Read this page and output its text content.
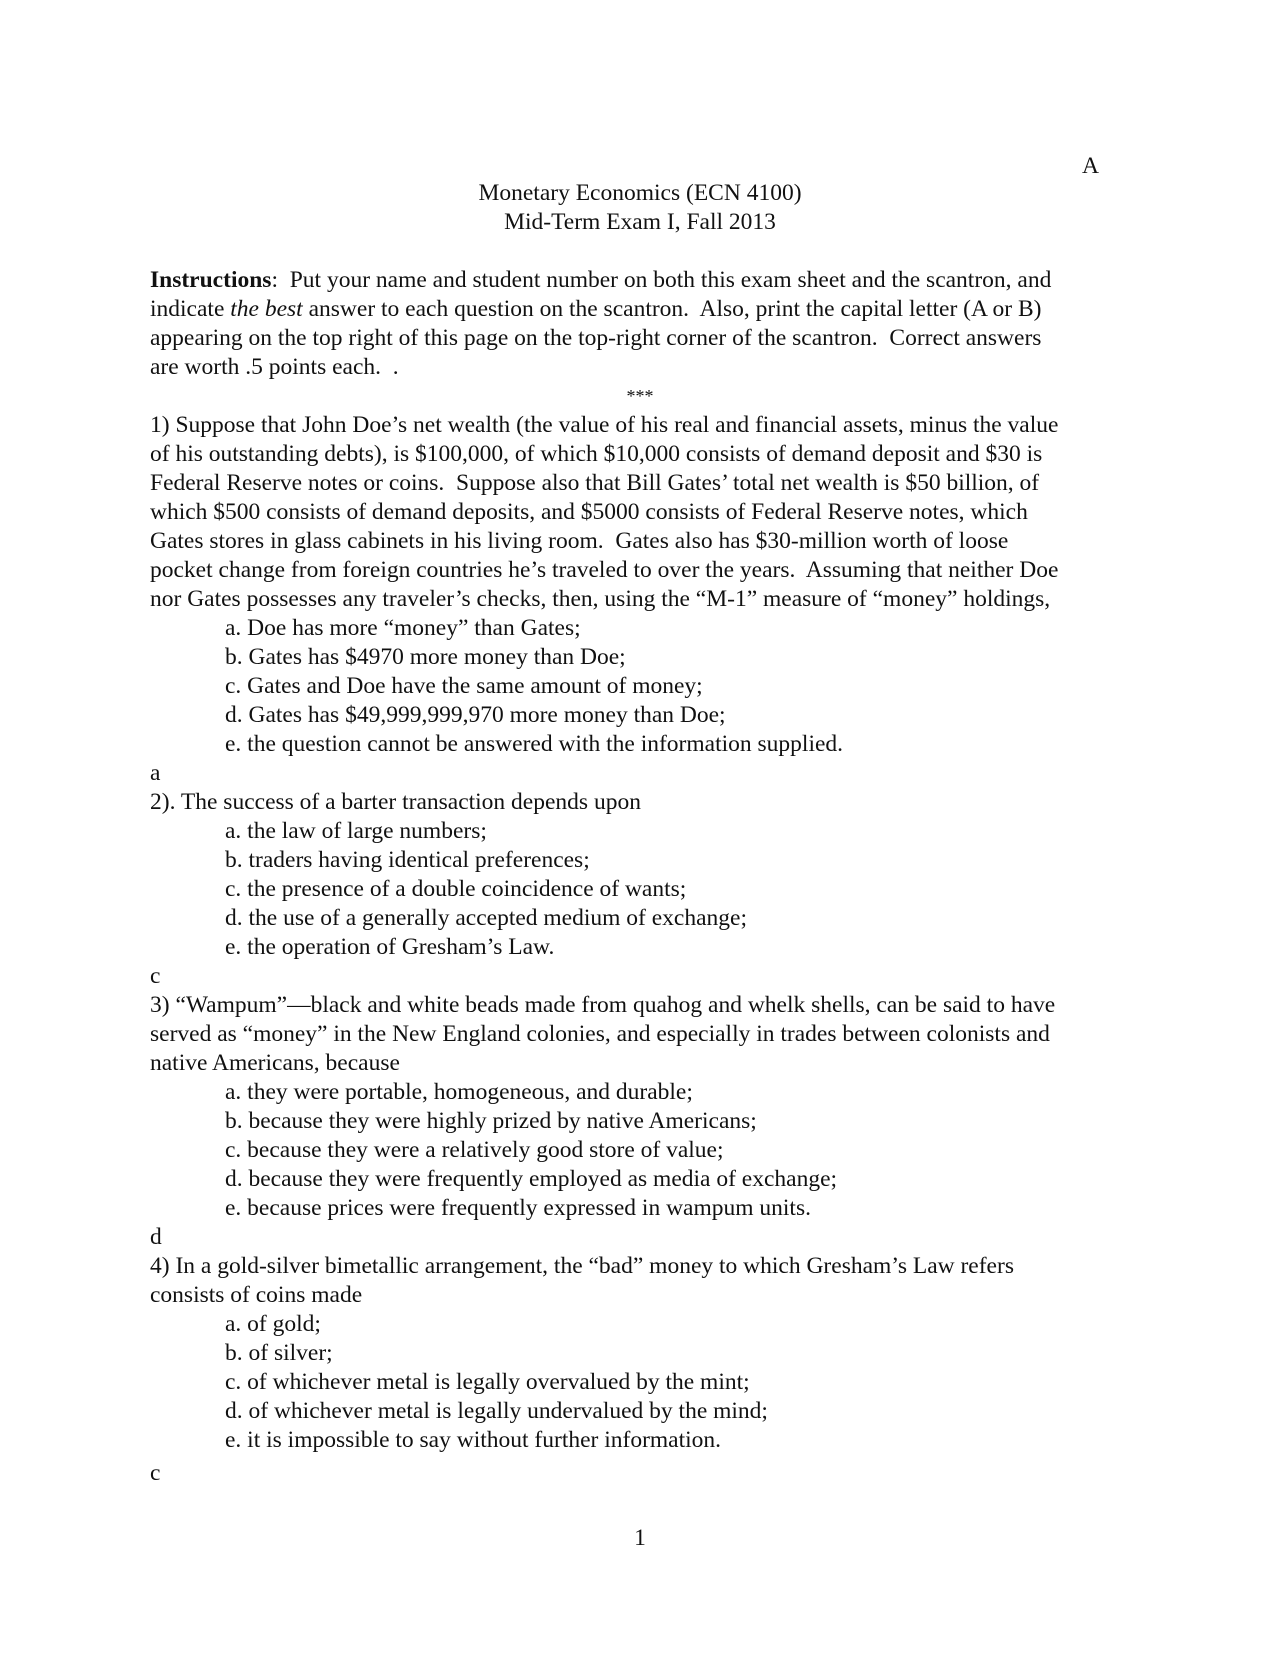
A
Monetary Economics (ECN 4100)
Mid-Term Exam I, Fall 2013
Instructions:  Put your name and student number on both this exam sheet and the scantron, and
indicate the best answer to each question on the scantron.  Also, print the capital letter (A or B)
appearing on the top right of this page on the top-right corner of the scantron.  Correct answers
are worth .5 points each.  .
***
1) Suppose that John Doe’s net wealth (the value of his real and financial assets, minus the value
of his outstanding debts), is $100,000, of which $10,000 consists of demand deposit and $30 is
Federal Reserve notes or coins.  Suppose also that Bill Gates’ total net wealth is $50 billion, of
which $500 consists of demand deposits, and $5000 consists of Federal Reserve notes, which
Gates stores in glass cabinets in his living room.  Gates also has $30-million worth of loose
pocket change from foreign countries he’s traveled to over the years.  Assuming that neither Doe
nor Gates possesses any traveler’s checks, then, using the “M-1” measure of “money” holdings,
a. Doe has more “money” than Gates;
b. Gates has $4970 more money than Doe;
c. Gates and Doe have the same amount of money;
d. Gates has $49,999,999,970 more money than Doe;
e. the question cannot be answered with the information supplied.
a
2). The success of a barter transaction depends upon
a. the law of large numbers;
b. traders having identical preferences;
c. the presence of a double coincidence of wants;
d. the use of a generally accepted medium of exchange;
e. the operation of Gresham’s Law.
c
3) “Wampum”—black and white beads made from quahog and whelk shells, can be said to have
served as “money” in the New England colonies, and especially in trades between colonists and
native Americans, because
a. they were portable, homogeneous, and durable;
b. because they were highly prized by native Americans;
c. because they were a relatively good store of value;
d. because they were frequently employed as media of exchange;
e. because prices were frequently expressed in wampum units.
d
4) In a gold-silver bimetallic arrangement, the “bad” money to which Gresham’s Law refers
consists of coins made
a. of gold;
b. of silver;
c. of whichever metal is legally overvalued by the mint;
d. of whichever metal is legally undervalued by the mind;
e. it is impossible to say without further information.
c
1
